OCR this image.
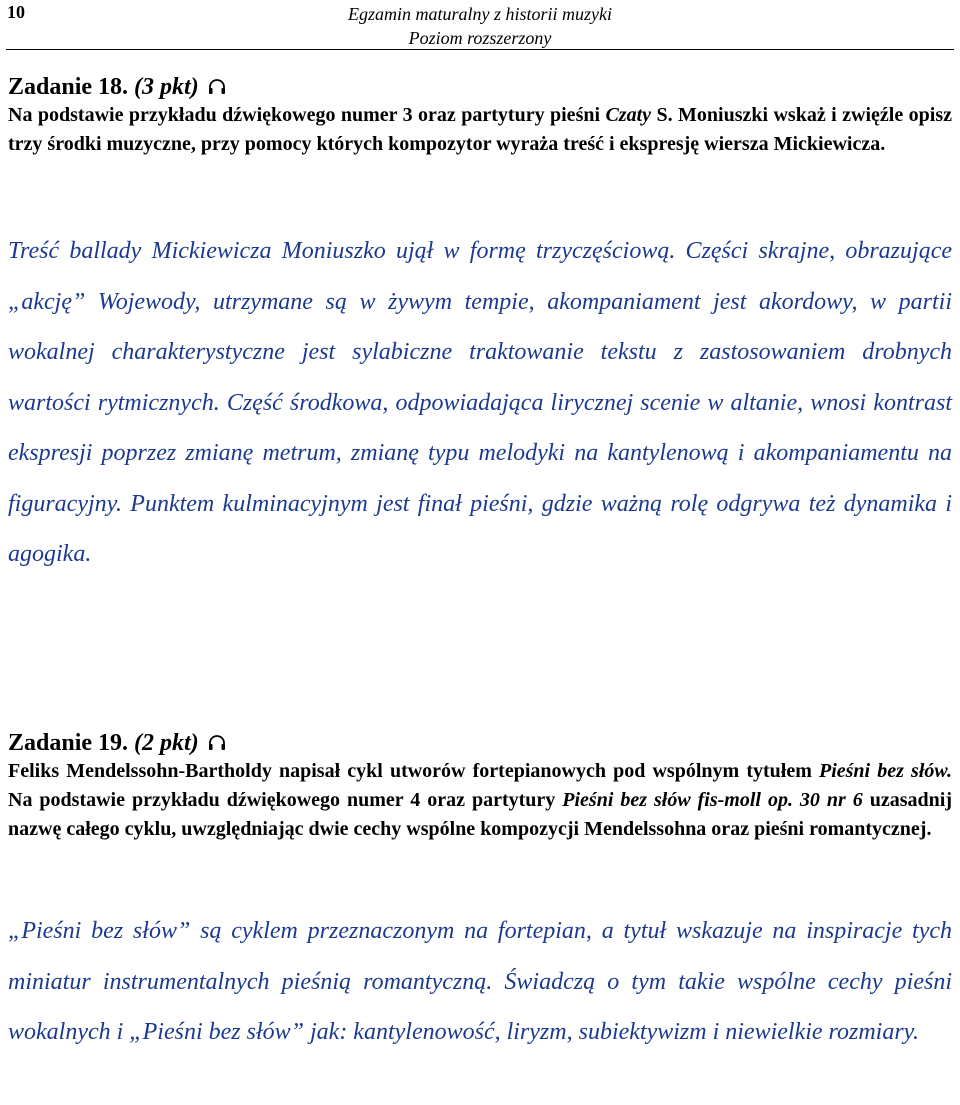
10	Egzamin maturalny z historii muzyki
Poziom rozszerzony
Zadanie 18. (3 pkt)

Na podstawie przykładu dźwiękowego numer 3 oraz partytury pieśni Czaty S. Moniuszki wskaż i zwięźle opisz trzy środki muzyczne, przy pomocy których kompozytor wyraża treść i ekspresję wiersza Mickiewicza.

Treść ballady Mickiewicza Moniuszko ujął w formę trzyczęściową. Części skrajne, obrazujące „akcję” Wojewody, utrzymane są w żywym tempie, akompaniament jest akordowy, w partii wokalnej charakterystyczne jest sylabiczne traktowanie tekstu z zastosowaniem drobnych wartości rytmicznych. Część środkowa, odpowiadająca lirycznej scenie w altanie, wnosi kontrast ekspresji poprzez zmianę metrum, zmianę typu melodyki na kantylenową i akompaniamentu na figuracyjny. Punktem kulminacyjnym jest finał pieśni, gdzie ważną rolę odgrywa też dynamika i agogika.

Zadanie 19. (2 pkt)

Feliks Mendelssohn-Bartholdy napisał cykl utworów fortepianowych pod wspólnym tytułem Pieśni bez słów. Na podstawie przykładu dźwiękowego numer 4 oraz partytury Pieśni bez słów fis-moll op. 30 nr 6 uzasadnij nazwę całego cyklu, uwzględniając dwie cechy wspólne kompozycji Mendelssohna oraz pieśni romantycznej.

„Pieśni bez słów” są cyklem przeznaczonym na fortepian, a tytuł wskazuje na inspiracje tych miniatur instrumentalnych pieśnią romantyczną. Świadczą o tym takie wspólne cechy pieśni wokalnych i „Pieśni bez słów” jak: kantylenowość, liryzm, subiektywizm i niewielkie rozmiary.
